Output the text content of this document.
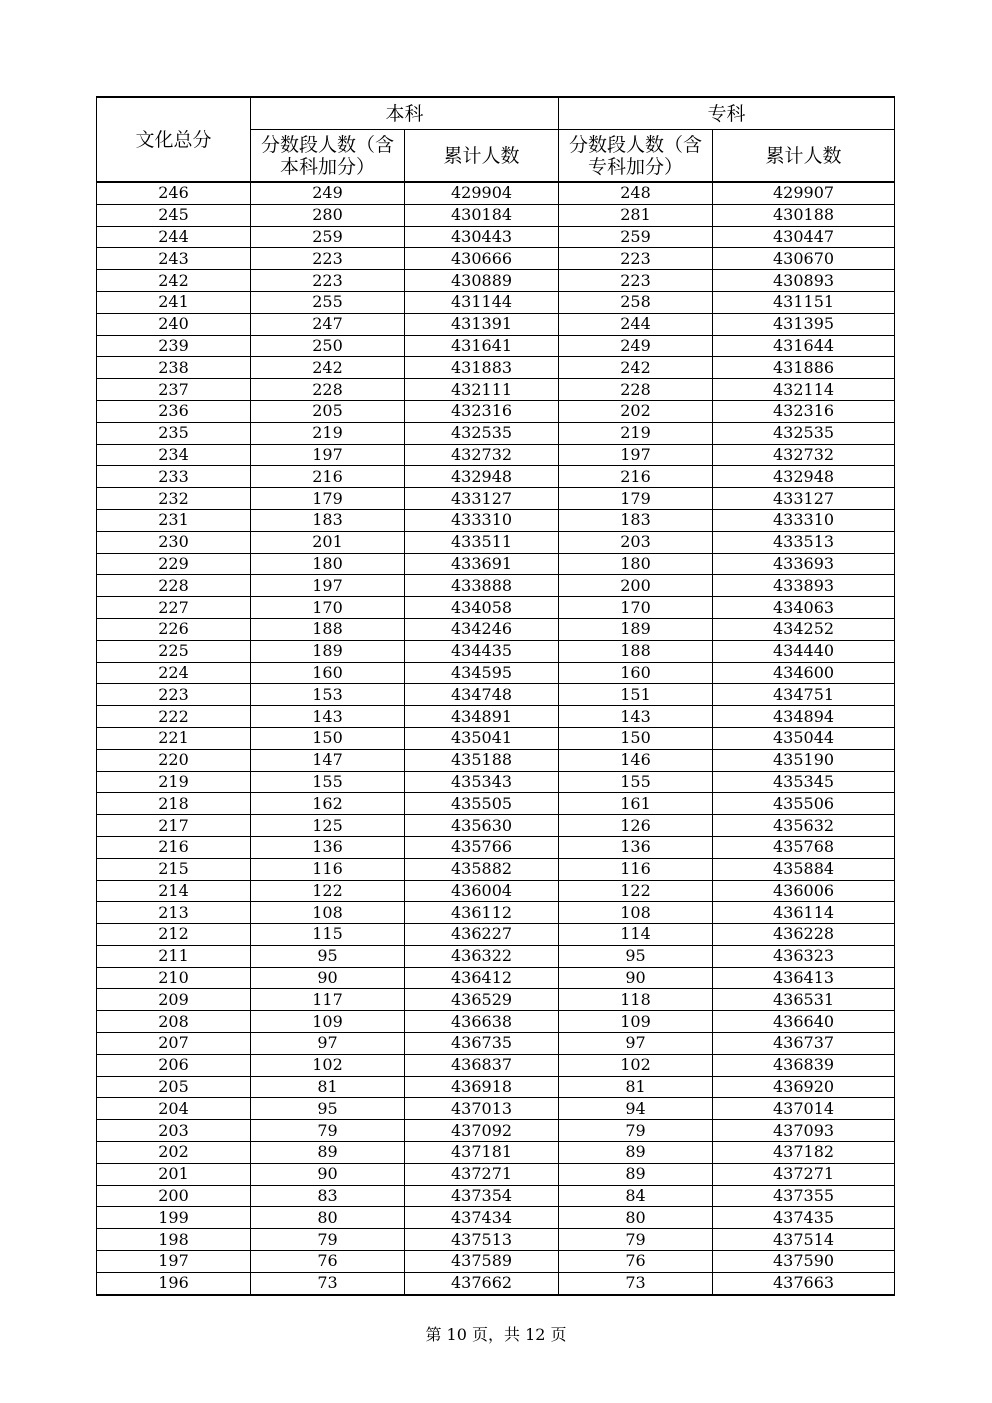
文化总分	本科		专科	
	分数段人数（含本科加分）	累计人数	分数段人数（含专科加分）	累计人数
246	249	429904	248	429907
245	280	430184	281	430188
244	259	430443	259	430447
243	223	430666	223	430670
242	223	430889	223	430893
241	255	431144	258	431151
240	247	431391	244	431395
239	250	431641	249	431644
238	242	431883	242	431886
237	228	432111	228	432114
236	205	432316	202	432316
235	219	432535	219	432535
234	197	432732	197	432732
233	216	432948	216	432948
232	179	433127	179	433127
231	183	433310	183	433310
230	201	433511	203	433513
229	180	433691	180	433693
228	197	433888	200	433893
227	170	434058	170	434063
226	188	434246	189	434252
225	189	434435	188	434440
224	160	434595	160	434600
223	153	434748	151	434751
222	143	434891	143	434894
221	150	435041	150	435044
220	147	435188	146	435190
219	155	435343	155	435345
218	162	435505	161	435506
217	125	435630	126	435632
216	136	435766	136	435768
215	116	435882	116	435884
214	122	436004	122	436006
213	108	436112	108	436114
212	115	436227	114	436228
211	95	436322	95	436323
210	90	436412	90	436413
209	117	436529	118	436531
208	109	436638	109	436640
207	97	436735	97	436737
206	102	436837	102	436839
205	81	436918	81	436920
204	95	437013	94	437014
203	79	437092	79	437093
202	89	437181	89	437182
201	90	437271	89	437271
200	83	437354	84	437355
199	80	437434	80	437435
198	79	437513	79	437514
197	76	437589	76	437590
196	73	437662	73	437663
第 10 页，共 12 页
